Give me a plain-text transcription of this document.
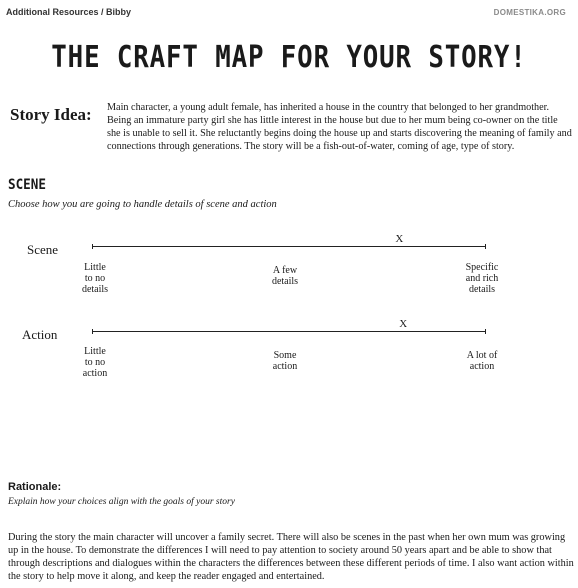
Additional Resources / Bibby	DOMESTIKA.ORG
THE CRAFT MAP FOR YOUR STORY!
Story Idea: Main character, a young adult female, has inherited a house in the country that belonged to her grandmother. Being an immature party girl she has little interest in the house but due to her mum being co-owner on the title she is unable to sell it. She reluctantly begins doing the house up and starts discovering the meaning of family and connections through generations. The story will be a fish-out-of-water, coming of age, type of story.
SCENE
Choose how you are going to handle details of scene and action
Scene
X
Little
to no
details
A few
details
Specific
and rich
details
Action
X
Little
to no
action
Some
action
A lot of
action
Rationale:
Explain how your choices align with the goals of your story
During the story the main character will uncover a family secret. There will also be scenes in the past when her own mum was growing up in the house. To demonstrate the differences I will need to pay attention to society around 50 years apart and be able to show that through descriptions and dialogues within the characters the differences between these different periods of time. I also want action within the story to help move it along, and keep the reader engaged and entertained.
